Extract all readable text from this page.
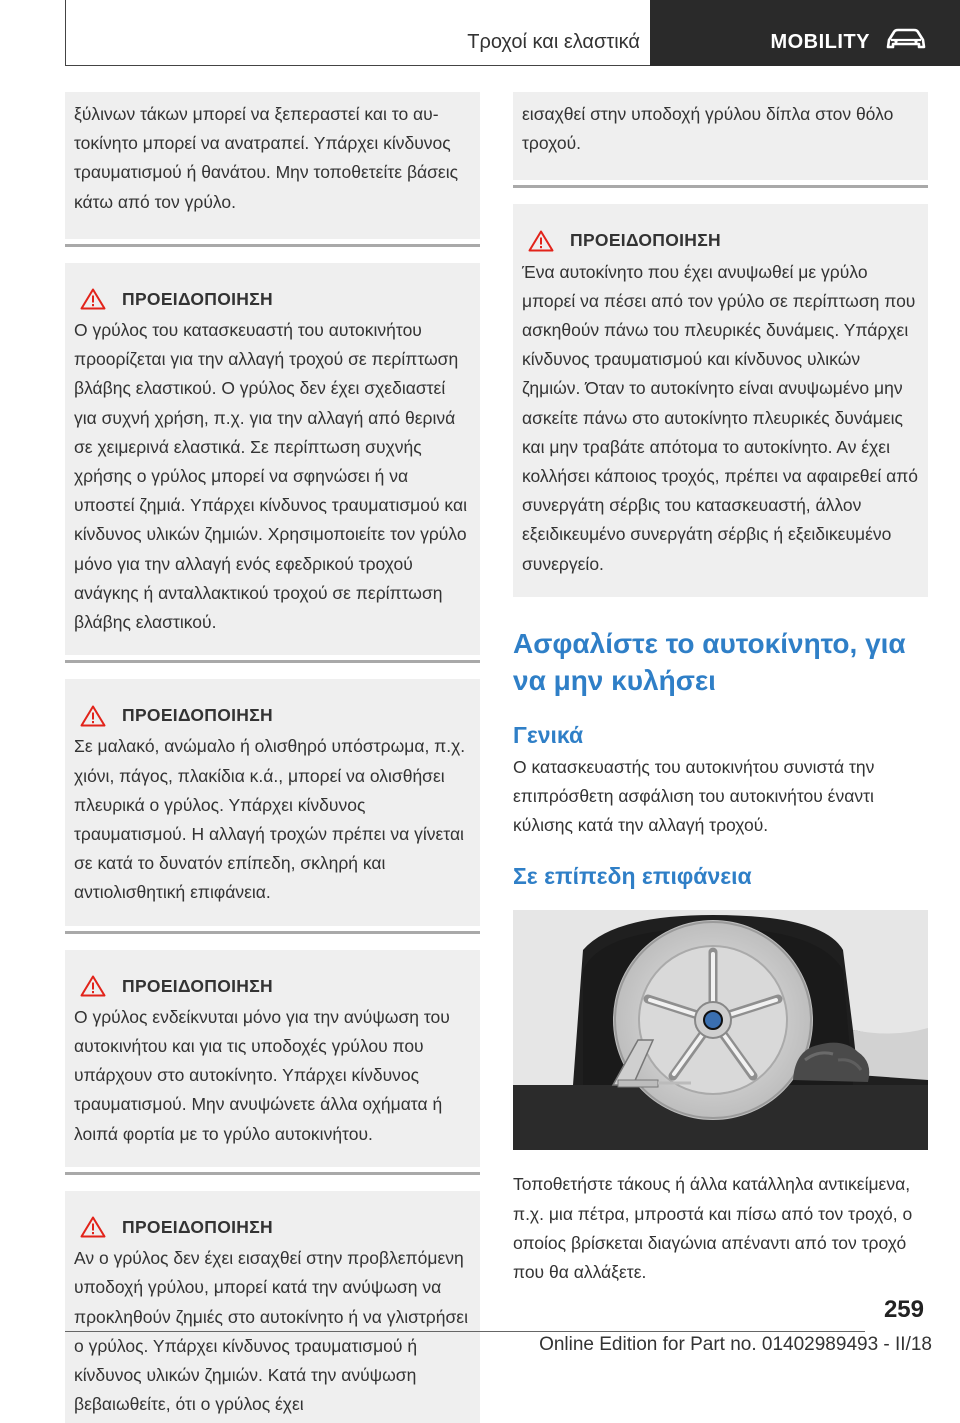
Τροχοί και ελαστικά	MOBILITY

ξύλινων τάκων μπορεί να ξεπεραστεί και το αυτοκίνητο μπορεί να ανατραπεί. Υπάρχει κίνδυνος τραυματισμού ή θανάτου. Μην τοποθετείτε βάσεις κάτω από τον γρύλο.

ΠΡΟΕΙΔΟΠΟΙΗΣΗ

Ο γρύλος του κατασκευαστή του αυτοκινήτου προορίζεται για την αλλαγή τροχού σε περίπτωση βλάβης ελαστικού. Ο γρύλος δεν έχει σχεδιαστεί για συχνή χρήση, π.χ. για την αλλαγή από θερινά σε χειμερινά ελαστικά. Σε περίπτωση συχνής χρήσης ο γρύλος μπορεί να σφηνώσει ή να υποστεί ζημιά. Υπάρχει κίνδυνος τραυματισμού και κίνδυνος υλικών ζημιών. Χρησιμοποιείτε τον γρύλο μόνο για την αλλαγή ενός εφεδρικού τροχού ανάγκης ή ανταλλακτικού τροχού σε περίπτωση βλάβης ελαστικού.

ΠΡΟΕΙΔΟΠΟΙΗΣΗ

Σε μαλακό, ανώμαλο ή ολισθηρό υπόστρωμα, π.χ. χιόνι, πάγος, πλακίδια κ.ά., μπορεί να ολισθήσει πλευρικά ο γρύλος. Υπάρχει κίνδυνος τραυματισμού. Η αλλαγή τροχών πρέπει να γίνεται σε κατά το δυνατόν επίπεδη, σκληρή και αντιολισθητική επιφάνεια.

ΠΡΟΕΙΔΟΠΟΙΗΣΗ

Ο γρύλος ενδείκνυται μόνο για την ανύψωση του αυτοκινήτου και για τις υποδοχές γρύλου που υπάρχουν στο αυτοκίνητο. Υπάρχει κίνδυνος τραυματισμού. Μην ανυψώνετε άλλα οχήματα ή λοιπά φορτία με το γρύλο αυτοκινήτου.

ΠΡΟΕΙΔΟΠΟΙΗΣΗ

Αν ο γρύλος δεν έχει εισαχθεί στην προβλεπόμενη υποδοχή γρύλου, μπορεί κατά την ανύψωση να προκληθούν ζημιές στο αυτοκίνητο ή να γλιστρήσει ο γρύλος. Υπάρχει κίνδυνος τραυματισμού ή κίνδυνος υλικών ζημιών. Κατά την ανύψωση βεβαιωθείτε, ότι ο γρύλος έχει

εισαχθεί στην υποδοχή γρύλου δίπλα στον θόλο τροχού.

ΠΡΟΕΙΔΟΠΟΙΗΣΗ

Ένα αυτοκίνητο που έχει ανυψωθεί με γρύλο μπορεί να πέσει από τον γρύλο σε περίπτωση που ασκηθούν πάνω του πλευρικές δυνάμεις. Υπάρχει κίνδυνος τραυματισμού και κίνδυνος υλικών ζημιών. Όταν το αυτοκίνητο είναι ανυψωμένο μην ασκείτε πάνω στο αυτοκίνητο πλευρικές δυνάμεις και μην τραβάτε απότομα το αυτοκίνητο. Αν έχει κολλήσει κάποιος τροχός, πρέπει να αφαιρεθεί από συνεργάτη σέρβις του κατασκευαστή, άλλον εξειδικευμένο συνεργάτη σέρβις ή εξειδικευμένο συνεργείο.

Ασφαλίστε το αυτοκίνητο, για να μην κυλήσει
Γενικά

Ο κατασκευαστής του αυτοκινήτου συνιστά την επιπρόσθετη ασφάλιση του αυτοκινήτου έναντι κύλισης κατά την αλλαγή τροχού.

Σε επίπεδη επιφάνεια

Τοποθετήστε τάκους ή άλλα κατάλληλα αντικείμενα, π.χ. μια πέτρα, μπροστά και πίσω από τον τροχό, ο οποίος βρίσκεται διαγώνια απέναντι από τον τροχό που θα αλλάξετε.

259
Online Edition for Part no. 01402989493 - II/18
